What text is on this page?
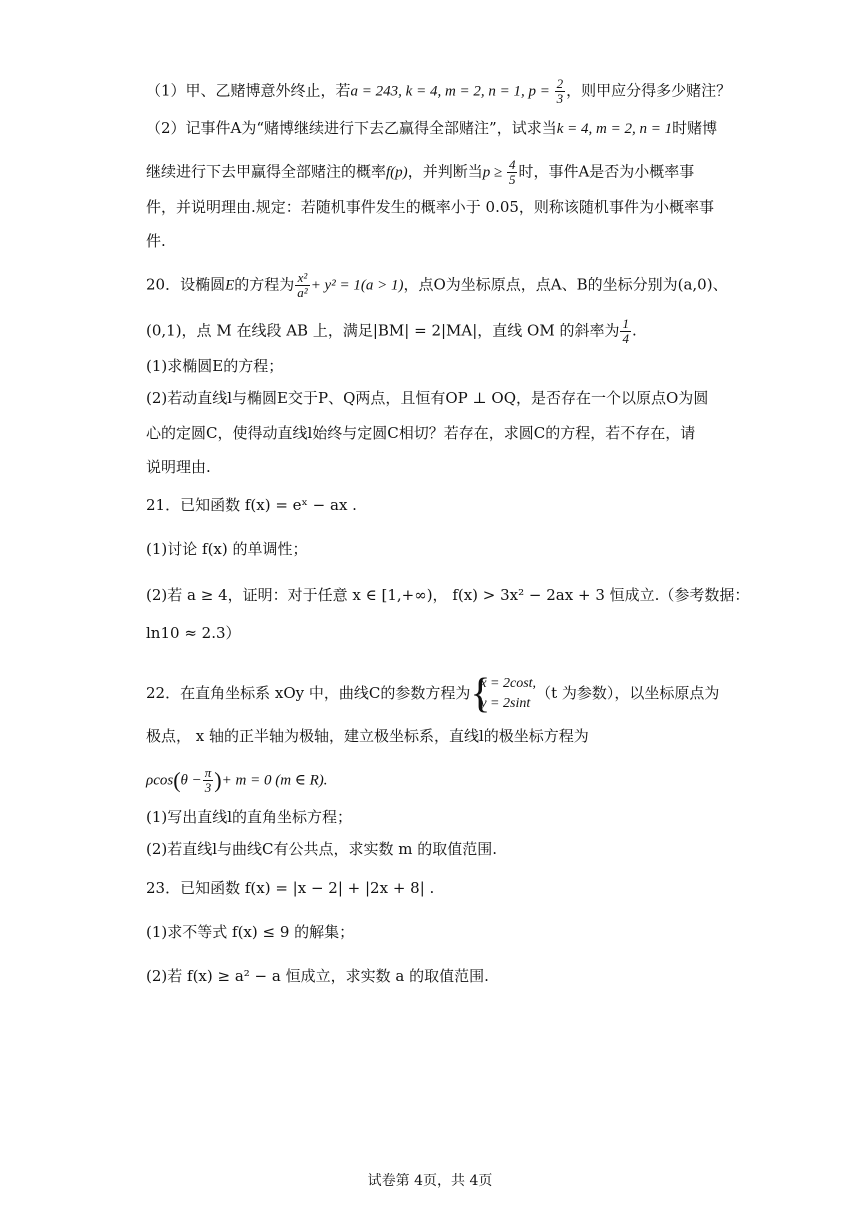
（1）甲、乙赌博意外终止，若a = 243, k = 4, m = 2, n = 1, $p = \frac{2}{3}$ ，则甲应分得多少赌注？
（2）记事件A为“赌博继续进行下去乙赢得全部赌注”，试求当k = 4, m = 2, n = 1时赌博
继续进行下去甲赢得全部赌注的概率f(p)，并判断当$p \ge \frac{4}{5}$ 时，事件A是否为小概率事
件，并说明理由.规定：若随机事件发生的概率小于 0.05，则称该随机事件为小概率事
件.
20．设椭圆E的方程为 $\frac{\text{x²}}{\text{a²}} + y^2 = 1(a > 1)$，点O为坐标原点，点A、B的坐标分别为(a,0)、
(0,1)，点 M 在线段 AB 上，满足|BM| = 2|MA|，直线 OM 的斜率为 $\frac{1}{4}$ .
(1)求椭圆E的方程；
(2)若动直线l与椭圆E交于P、Q两点，且恒有OP ⊥ OQ，是否存在一个以原点O为圆
心的定圆C，使得动直线l始终与定圆C相切？若存在，求圆C的方程，若不存在，请
说明理由.
21．已知函数 f(x) = eˣ − ax .
(1)讨论 f(x) 的单调性；
(2)若 a ≥ 4，证明：对于任意 x ∈ [1,+∞)， f(x) > 3x² − 2ax + 3 恒成立.（参考数据：
ln10 ≈ 2.3）
22．在直角坐标系 xOy 中，曲线C的参数方程为 {
x = 2cost,
y = 2sint
（t 为参数），以坐标原点为
极点， x 轴的正半轴为极轴，建立极坐标系，直线l的极坐标方程为
$\rho\cos(\theta - \frac{\pi}{3}$ )+ m = 0 (m ∈ R).
(1)写出直线l的直角坐标方程；
(2)若直线l与曲线C有公共点，求实数 m 的取值范围.
23．已知函数 f(x) = |x − 2| + |2x + 8| .
(1)求不等式 f(x) ≤ 9 的解集；
(2)若 f(x) ≥ a² − a 恒成立，求实数 a 的取值范围.
试卷第 4页，共 4页
